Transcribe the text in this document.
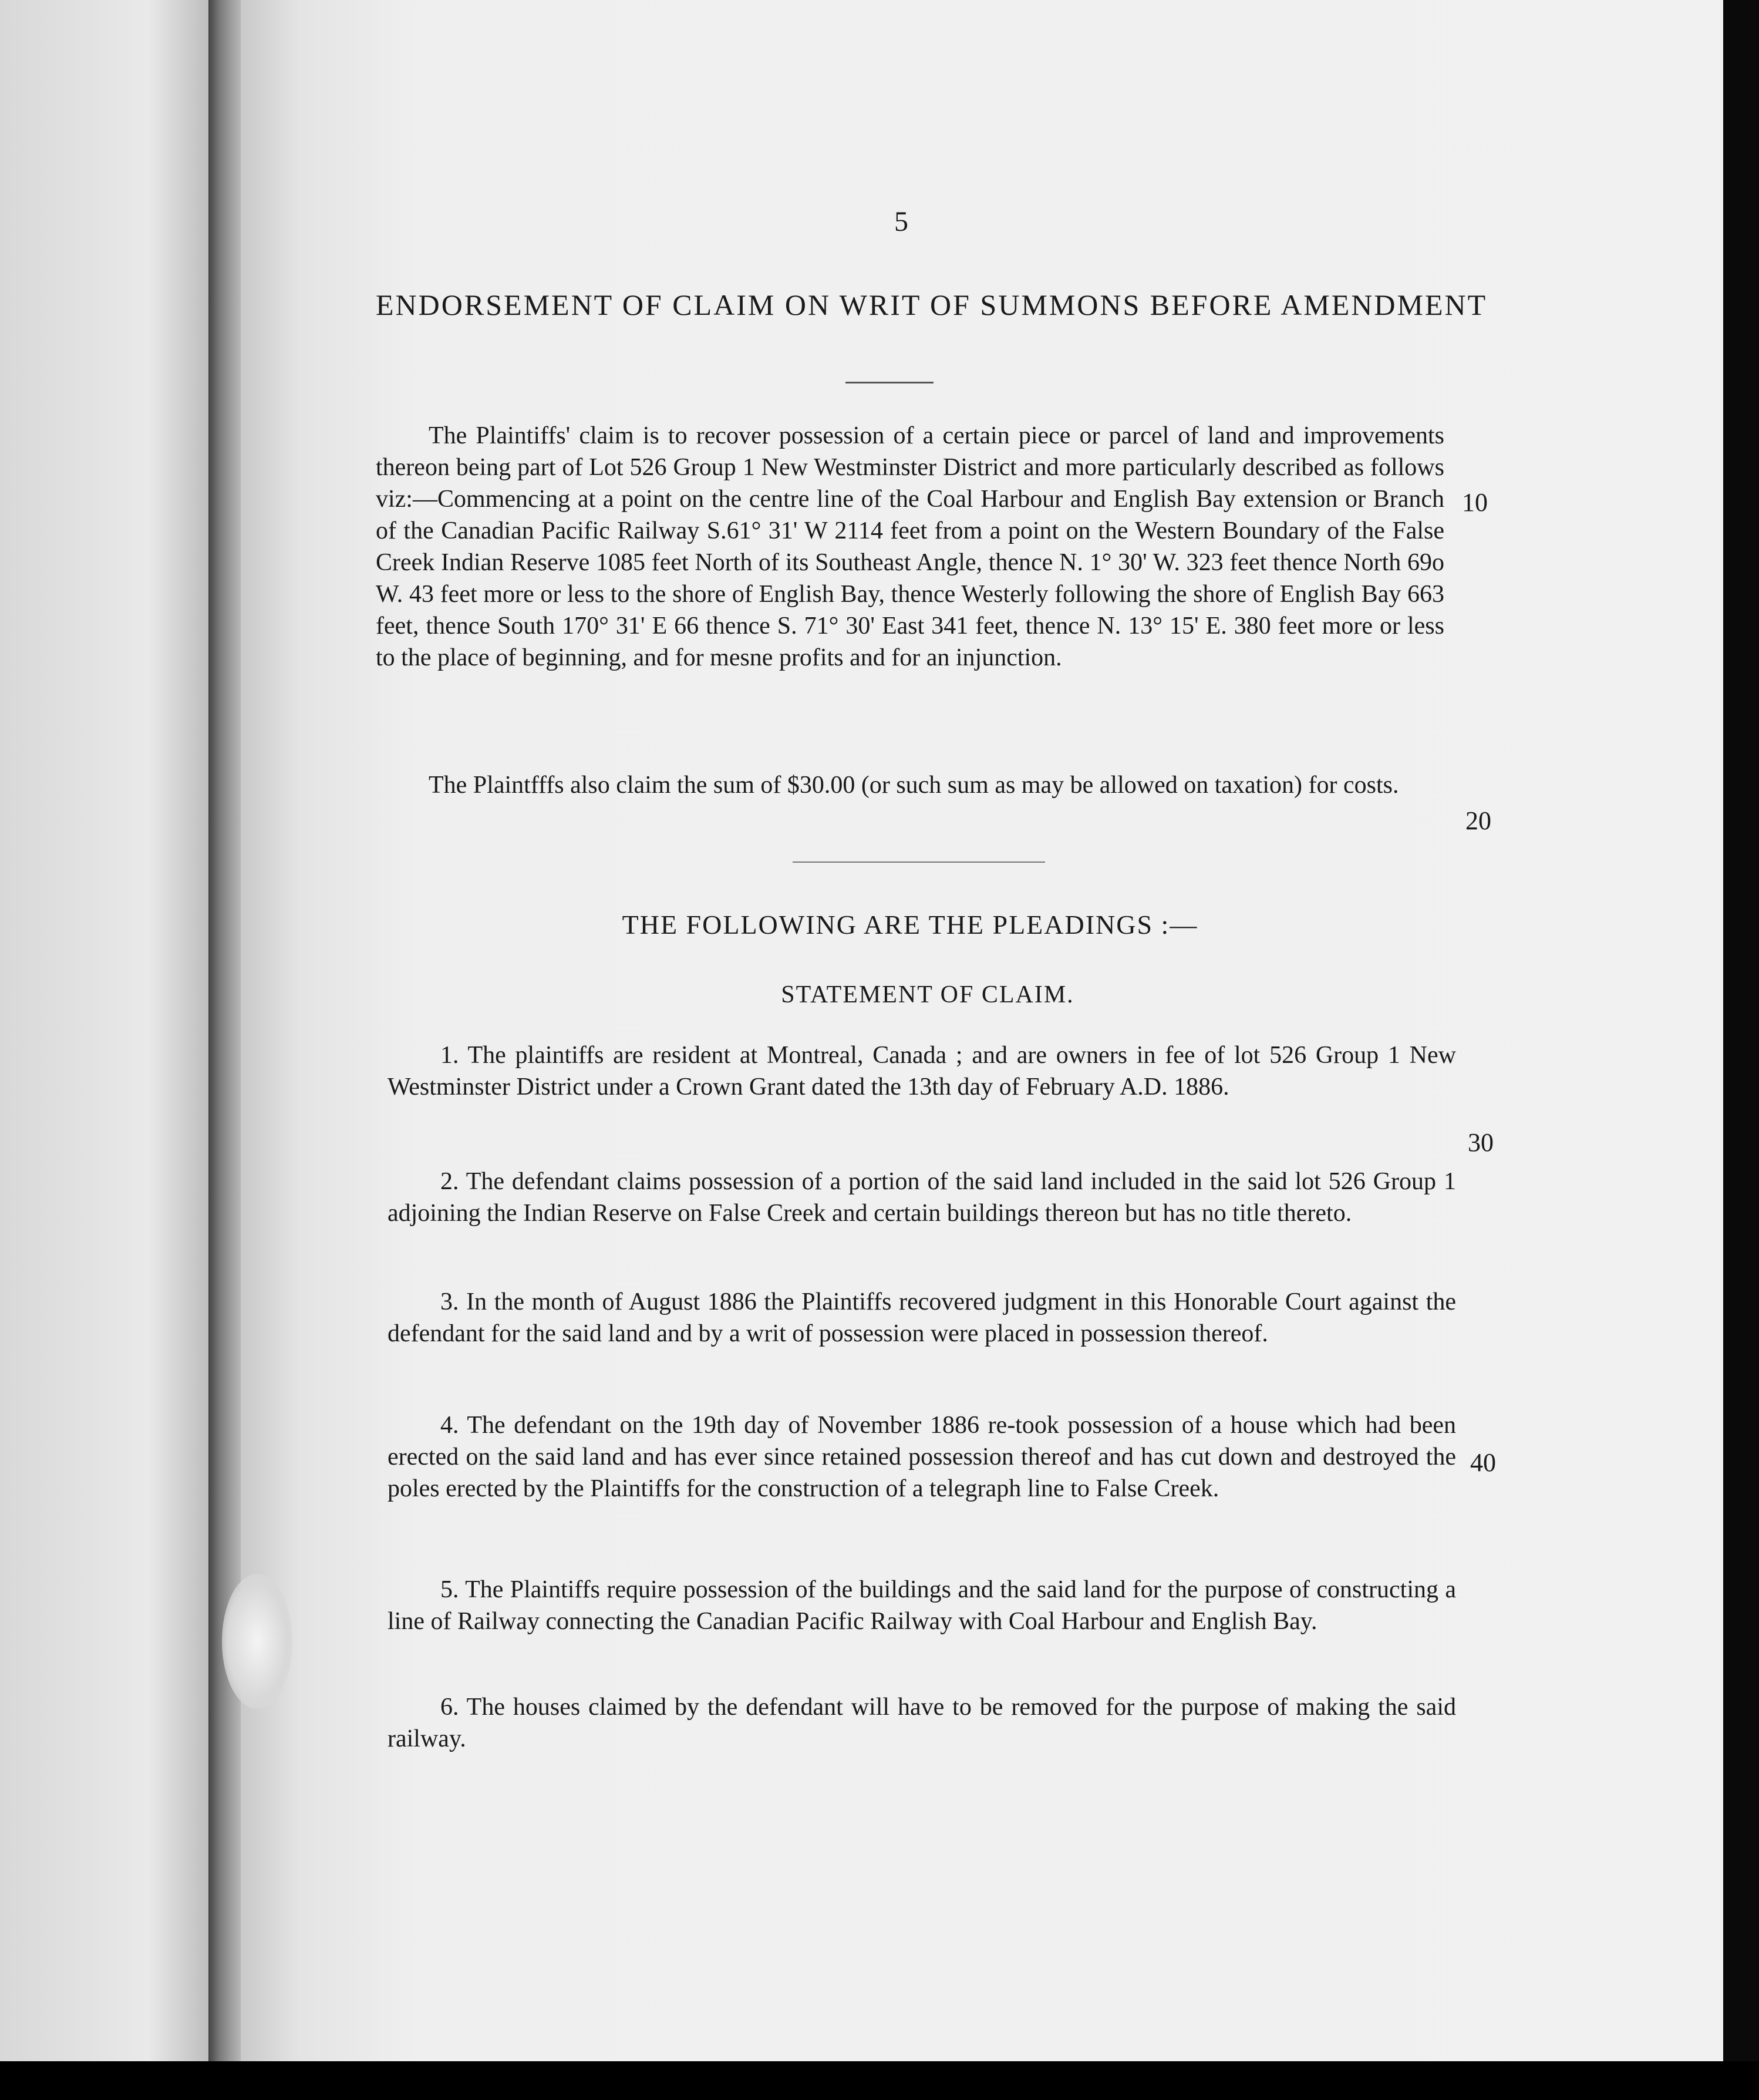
5
ENDORSEMENT OF CLAIM ON WRIT OF SUMMONS BEFORE AMENDMENT
The Plaintiffs' claim is to recover possession of a certain piece or parcel of land and improvements thereon being part of Lot 526 Group 1 New Westminster District and more particularly described as follows viz:—Commencing at a point on the centre line of the Coal Harbour and English Bay extension or Branch of the Canadian Pacific Railway S.61° 31' W 2114 feet from a point on the Western Boundary of the False Creek Indian Reserve 1085 feet North of its Southeast Angle, thence N. 1° 30' W. 323 feet thence North 69o W. 43 feet more or less to the shore of English Bay, thence Westerly following the shore of English Bay 663 feet, thence South 170° 31' E 66 thence S. 71° 30' East 341 feet, thence N. 13° 15' E. 380 feet more or less to the place of beginning, and for mesne profits and for an injunction.
The Plaintfffs also claim the sum of $30.00 (or such sum as may be allowed on taxation) for costs.
THE FOLLOWING ARE THE PLEADINGS :—
STATEMENT OF CLAIM.
1. The plaintiffs are resident at Montreal, Canada ; and are owners in fee of lot 526 Group 1 New Westminster District under a Crown Grant dated the 13th day of February A.D. 1886.
2. The defendant claims possession of a portion of the said land included in the said lot 526 Group 1 adjoining the Indian Reserve on False Creek and certain buildings thereon but has no title thereto.
3. In the month of August 1886 the Plaintiffs recovered judgment in this Honorable Court against the defendant for the said land and by a writ of possession were placed in possession thereof.
4. The defendant on the 19th day of November 1886 re-took possession of a house which had been erected on the said land and has ever since retained possession thereof and has cut down and destroyed the poles erected by the Plaintiffs for the construction of a telegraph line to False Creek.
5. The Plaintiffs require possession of the buildings and the said land for the purpose of constructing a line of Railway connecting the Canadian Pacific Railway with Coal Harbour and English Bay.
6. The houses claimed by the defendant will have to be removed for the purpose of making the said railway.
10
20
30
40
